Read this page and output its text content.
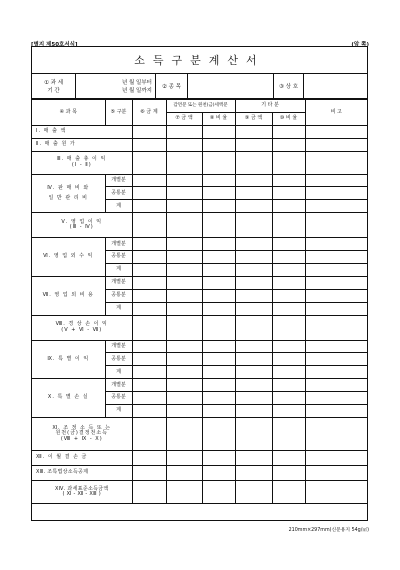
[별지 제50호서식]	(앞 쪽)
소득구분계산서
① 과 세
기 간
년 월 일부터
년 월 일까지
② 종 목	③ 상 호
④ 과 목	⑤ 구분	⑥ 금 계	감면분 또는 원천(금)세액분		기 타 분		비 고
			⑦ 금 액	⑧ 비 율	⑨ 금 액	⑩ 비 율	
Ⅰ. 매 출 액							
Ⅱ. 매 출 원 가							
Ⅲ. 매 출 총 이 익
(Ⅰ - Ⅱ)							
Ⅳ. 판 매 비 와

일 반 관 리 비	개별분						
	공통분						
	계						
Ⅴ. 영 업 이 익
(Ⅲ - Ⅳ)							
Ⅵ. 영 업 외 수 익	개별분						
	공통분						
	계						
Ⅶ. 영 업 외 비 용	개별분						
	공통분						
	계						
Ⅷ. 경 상 손 이 익
(Ⅴ + Ⅵ - Ⅶ)							
Ⅸ. 특 별 이 익	개별분						
	공통분						
	계						
Ⅹ. 특 별 손 실	개별분						
	공통분						
	계						
Ⅺ. 조 정 소 득 또 는
원천(금)결정전소득
(Ⅷ + Ⅸ - Ⅹ)							
Ⅻ. 이 월 결 손 금							
ⅩⅢ. 조특법상소득공제							
ⅩⅣ. 과세표준소득금액
( Ⅺ - Ⅻ - ⅩⅢ )							
210mm×297mm(신문용지 54g/㎡)
